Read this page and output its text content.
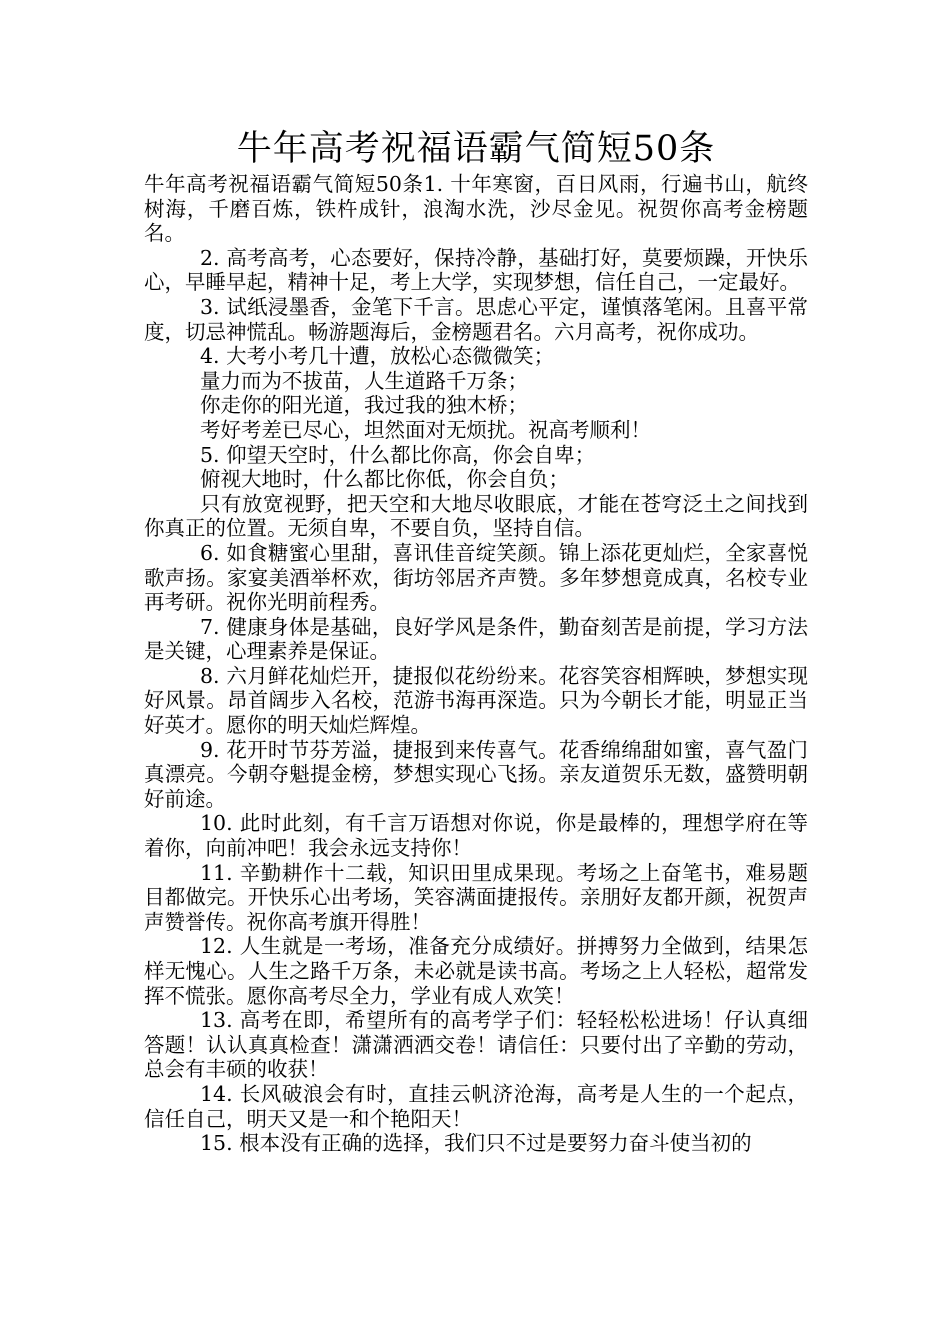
牛年高考祝福语霸气简短50条

牛年高考祝福语霸气简短50条1. 十年寒窗，百日风雨，行遍书山，航终树海，千磨百炼，铁杵成针，浪淘水洗，沙尽金见。祝贺你高考金榜题名。

2. 高考高考，心态要好，保持冷静，基础打好，莫要烦躁，开快乐心，早睡早起，精神十足，考上大学，实现梦想，信任自己，一定最好。

3. 试纸浸墨香，金笔下千言。思虑心平定，谨慎落笔闲。且喜平常度，切忌神慌乱。畅游题海后，金榜题君名。六月高考，祝你成功。

4. 大考小考几十遭，放松心态微微笑；

量力而为不拔苗，人生道路千万条；

你走你的阳光道，我过我的独木桥；

考好考差已尽心，坦然面对无烦扰。祝高考顺利！

5. 仰望天空时，什么都比你高，你会自卑；

俯视大地时，什么都比你低，你会自负；

只有放宽视野，把天空和大地尽收眼底，才能在苍穹泛土之间找到你真正的位置。无须自卑，不要自负，坚持自信。

6. 如食糖蜜心里甜，喜讯佳音绽笑颜。锦上添花更灿烂，全家喜悦歌声扬。家宴美酒举杯欢，街坊邻居齐声赞。多年梦想竟成真，名校专业再考研。祝你光明前程秀。

7. 健康身体是基础，良好学风是条件，勤奋刻苦是前提，学习方法是关键，心理素养是保证。

8. 六月鲜花灿烂开，捷报似花纷纷来。花容笑容相辉映，梦想实现好风景。昂首阔步入名校，范游书海再深造。只为今朝长才能，明显正当好英才。愿你的明天灿烂辉煌。

9. 花开时节芬芳溢，捷报到来传喜气。花香绵绵甜如蜜，喜气盈门真漂亮。今朝夺魁提金榜，梦想实现心飞扬。亲友道贺乐无数，盛赞明朝好前途。

10. 此时此刻，有千言万语想对你说，你是最棒的，理想学府在等着你，向前冲吧！我会永远支持你！

11. 辛勤耕作十二载，知识田里成果现。考场之上奋笔书，难易题目都做完。开快乐心出考场，笑容满面捷报传。亲朋好友都开颜，祝贺声声赞誉传。祝你高考旗开得胜！

12. 人生就是一考场，准备充分成绩好。拼搏努力全做到，结果怎样无愧心。人生之路千万条，未必就是读书高。考场之上人轻松，超常发挥不慌张。愿你高考尽全力，学业有成人欢笑！

13. 高考在即，希望所有的高考学子们：轻轻松松进场！仔认真细答题！认认真真检查！潇潇洒洒交卷！请信任：只要付出了辛勤的劳动，总会有丰硕的收获！

14. 长风破浪会有时，直挂云帆济沧海，高考是人生的一个起点，信任自己，明天又是一和个艳阳天！

15. 根本没有正确的选择，我们只不过是要努力奋斗使当初的
